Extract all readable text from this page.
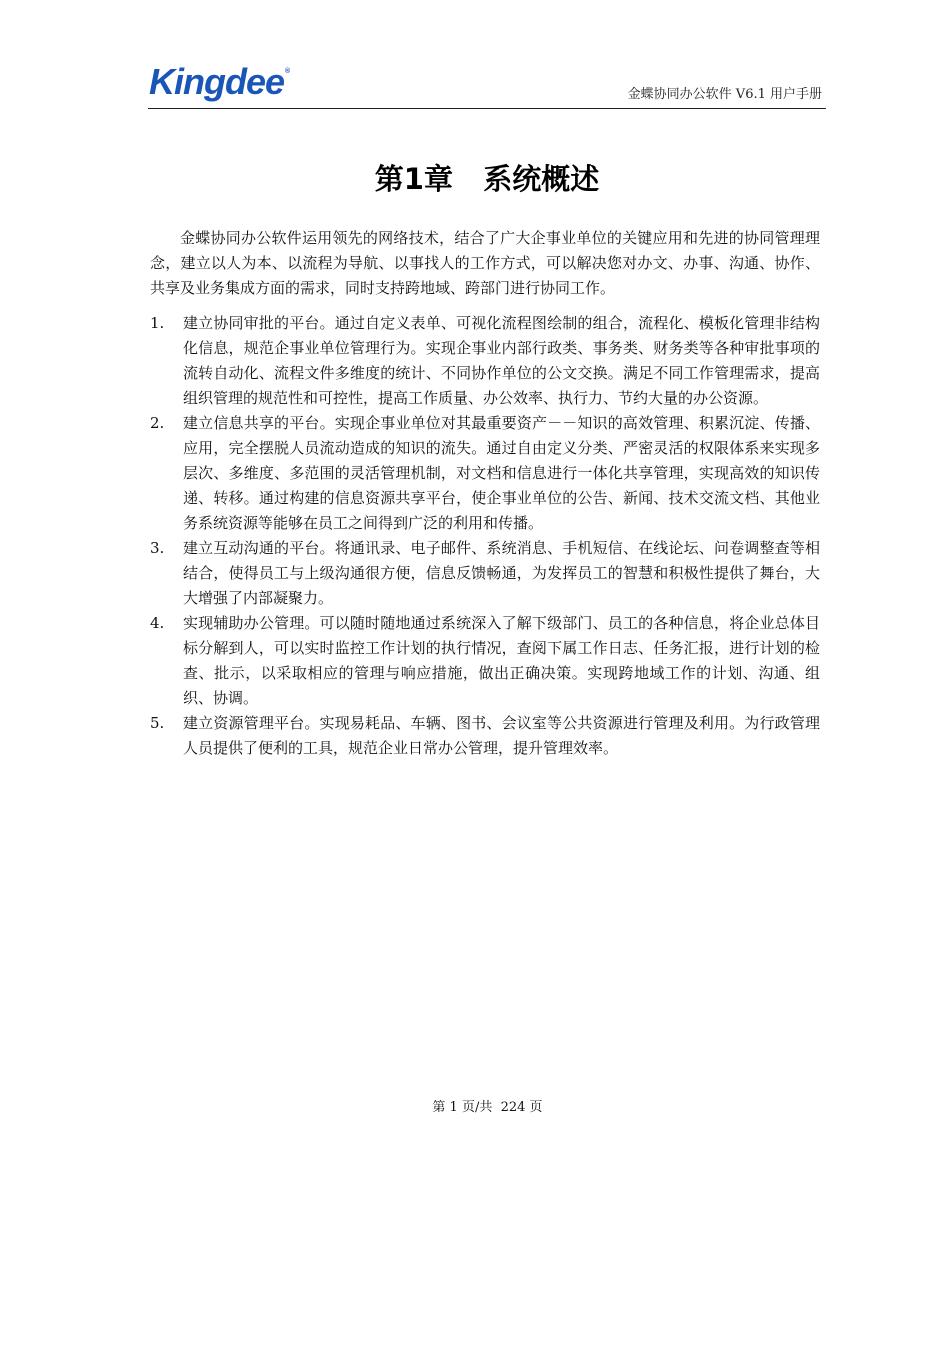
Kingdee®
金蝶协同办公软件 V6.1 用户手册
第1章   系统概述

金蝶协同办公软件运用领先的网络技术，结合了广大企事业单位的关键应用和先进的协同管理理念，建立以人为本、以流程为导航、以事找人的工作方式，可以解决您对办文、办事、沟通、协作、共享及业务集成方面的需求，同时支持跨地域、跨部门进行协同工作。

1. 建立协同审批的平台。通过自定义表单、可视化流程图绘制的组合，流程化、模板化管理非结构化信息，规范企事业单位管理行为。实现企事业内部行政类、事务类、财务类等各种审批事项的流转自动化、流程文件多维度的统计、不同协作单位的公文交换。满足不同工作管理需求，提高组织管理的规范性和可控性，提高工作质量、办公效率、执行力、节约大量的办公资源。
2. 建立信息共享的平台。实现企事业单位对其最重要资产－－知识的高效管理、积累沉淀、传播、应用，完全摆脱人员流动造成的知识的流失。通过自由定义分类、严密灵活的权限体系来实现多层次、多维度、多范围的灵活管理机制，对文档和信息进行一体化共享管理，实现高效的知识传递、转移。通过构建的信息资源共享平台，使企事业单位的公告、新闻、技术交流文档、其他业务系统资源等能够在员工之间得到广泛的利用和传播。
3. 建立互动沟通的平台。将通讯录、电子邮件、系统消息、手机短信、在线论坛、问卷调整查等相结合，使得员工与上级沟通很方便，信息反馈畅通，为发挥员工的智慧和积极性提供了舞台，大大增强了内部凝聚力。
4. 实现辅助办公管理。可以随时随地通过系统深入了解下级部门、员工的各种信息，将企业总体目标分解到人，可以实时监控工作计划的执行情况，查阅下属工作日志、任务汇报，进行计划的检查、批示，以采取相应的管理与响应措施，做出正确决策。实现跨地域工作的计划、沟通、组织、协调。
5. 建立资源管理平台。实现易耗品、车辆、图书、会议室等公共资源进行管理及利用。为行政管理人员提供了便利的工具，规范企业日常办公管理，提升管理效率。
第 1 页/共  224 页
